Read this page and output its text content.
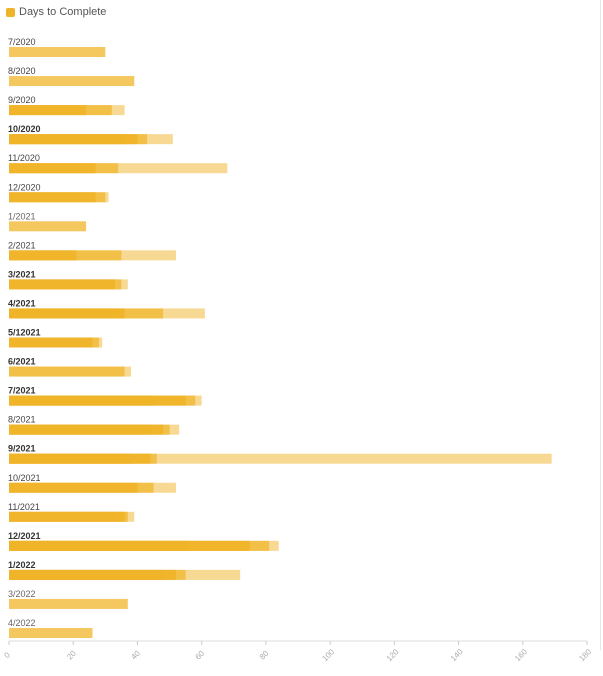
Days to Complete
7/2020
8/2020
9/2020
10/2020
11/2020
12/2020
1/2021
2/2021
3/2021
4/2021
5/12021
6/2021
7/2021
8/2021
9/2021
10/2021
11/2021
12/2021
1/2022
3/2022
4/2022
0	20	40	60	80	100	120	140	160	180
